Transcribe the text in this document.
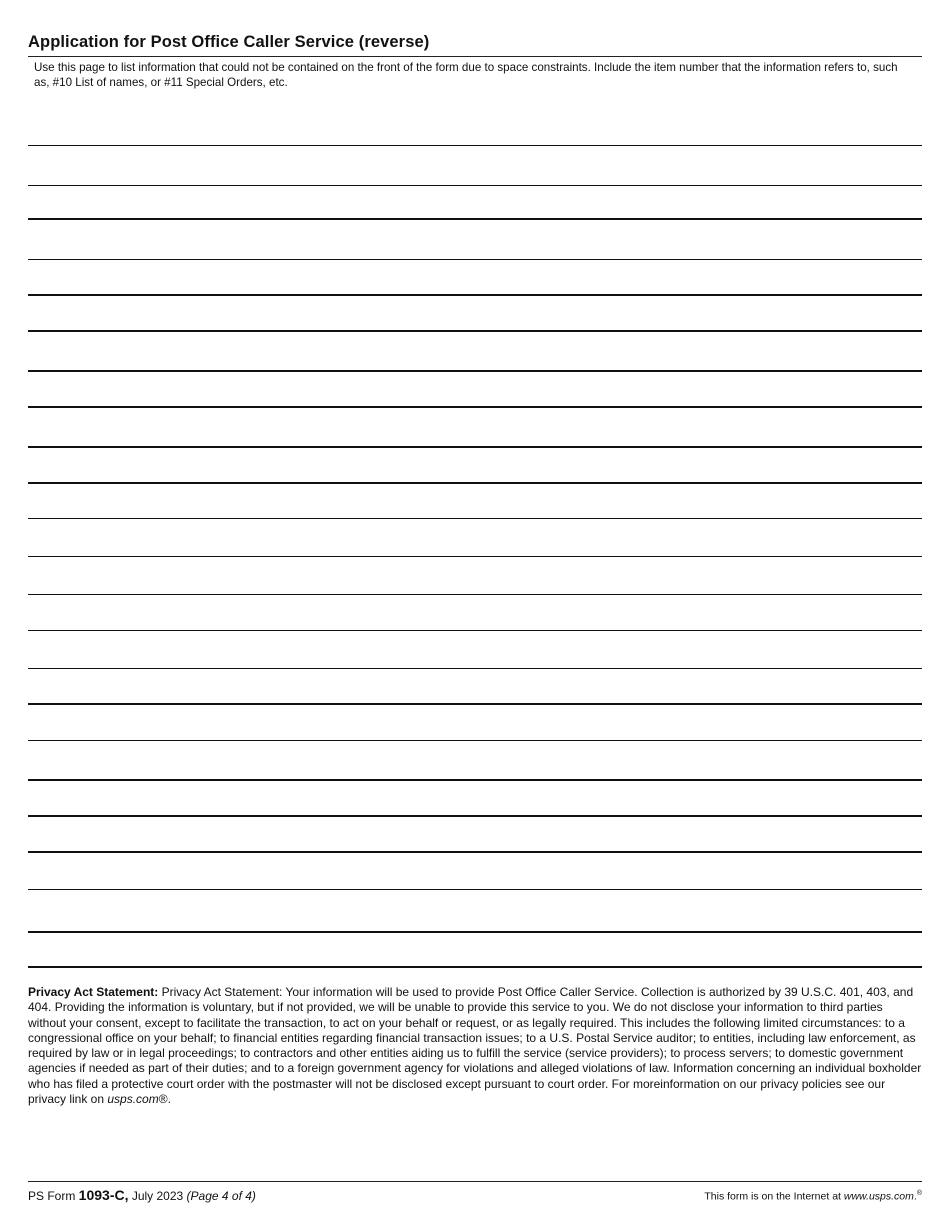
Application for Post Office Caller Service (reverse)
Use this page to list information that could not be contained on the front of the form due to space constraints. Include the item number that the information refers to, such as, #10 List of names, or #11 Special Orders, etc.
Privacy Act Statement: Privacy Act Statement: Your information will be used to provide Post Office Caller Service. Collection is authorized by 39 U.S.C. 401, 403, and 404. Providing the information is voluntary, but if not provided, we will be unable to provide this service to you. We do not disclose your information to third parties without your consent, except to facilitate the transaction, to act on your behalf or request, or as legally required. This includes the following limited circumstances: to a congressional office on your behalf; to financial entities regarding financial transaction issues; to a U.S. Postal Service auditor; to entities, including law enforcement, as required by law or in legal proceedings; to contractors and other entities aiding us to fulfill the service (service providers); to process servers; to domestic government agencies if needed as part of their duties; and to a foreign government agency for violations and alleged violations of law. Information concerning an individual boxholder who has filed a protective court order with the postmaster will not be disclosed except pursuant to court order. For moreinformation on our privacy policies see our privacy link on usps.com®.
PS Form 1093-C, July 2023 (Page 4 of 4)	This form is on the Internet at www.usps.com.®
